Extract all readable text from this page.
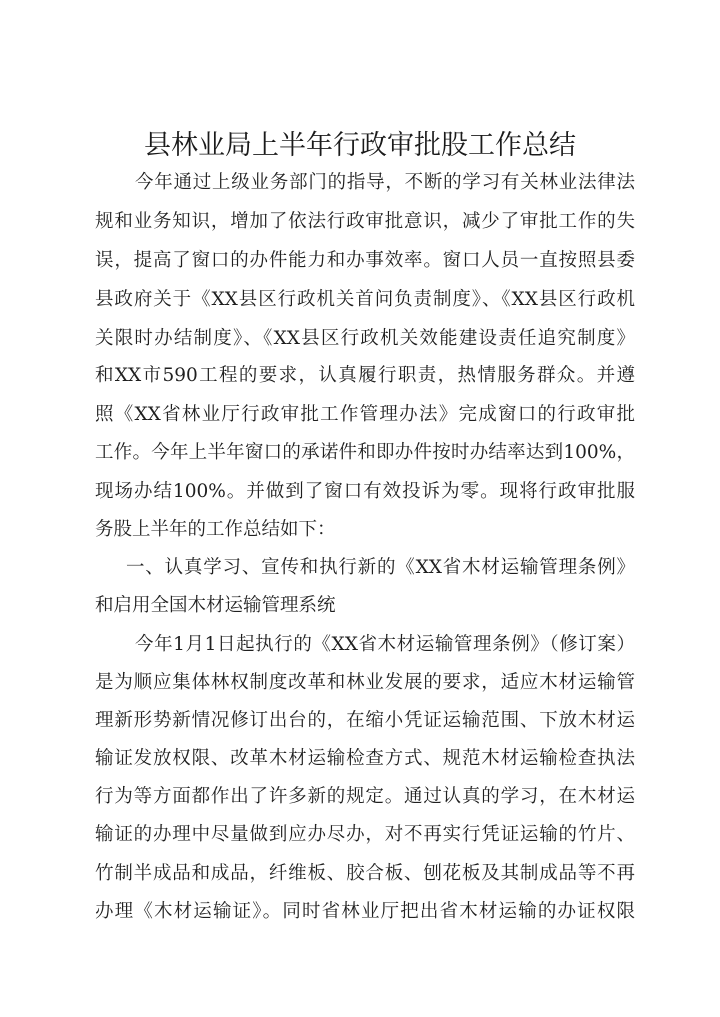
县林业局上半年行政审批股工作总结
今年通过上级业务部门的指导，不断的学习有关林业法律法
规和业务知识，增加了依法行政审批意识，减少了审批工作的失
误，提高了窗口的办件能力和办事效率。窗口人员一直按照县委
县政府关于《XX县区行政机关首问负责制度》、《XX县区行政机
关限时办结制度》、《XX县区行政机关效能建设责任追究制度》
和XX市590工程的要求，认真履行职责，热情服务群众。并遵
照《XX省林业厅行政审批工作管理办法》完成窗口的行政审批
工作。今年上半年窗口的承诺件和即办件按时办结率达到100%，
现场办结100%。并做到了窗口有效投诉为零。现将行政审批服
务股上半年的工作总结如下：
一、认真学习、宣传和执行新的《XX省木材运输管理条例》
和启用全国木材运输管理系统
今年1月1日起执行的《XX省木材运输管理条例》（修订案）
是为顺应集体林权制度改革和林业发展的要求，适应木材运输管
理新形势新情况修订出台的，在缩小凭证运输范围、下放木材运
输证发放权限、改革木材运输检查方式、规范木材运输检查执法
行为等方面都作出了许多新的规定。通过认真的学习，在木材运
输证的办理中尽量做到应办尽办，对不再实行凭证运输的竹片、
竹制半成品和成品，纤维板、胶合板、刨花板及其制成品等不再
办理《木材运输证》。同时省林业厅把出省木材运输的办证权限
